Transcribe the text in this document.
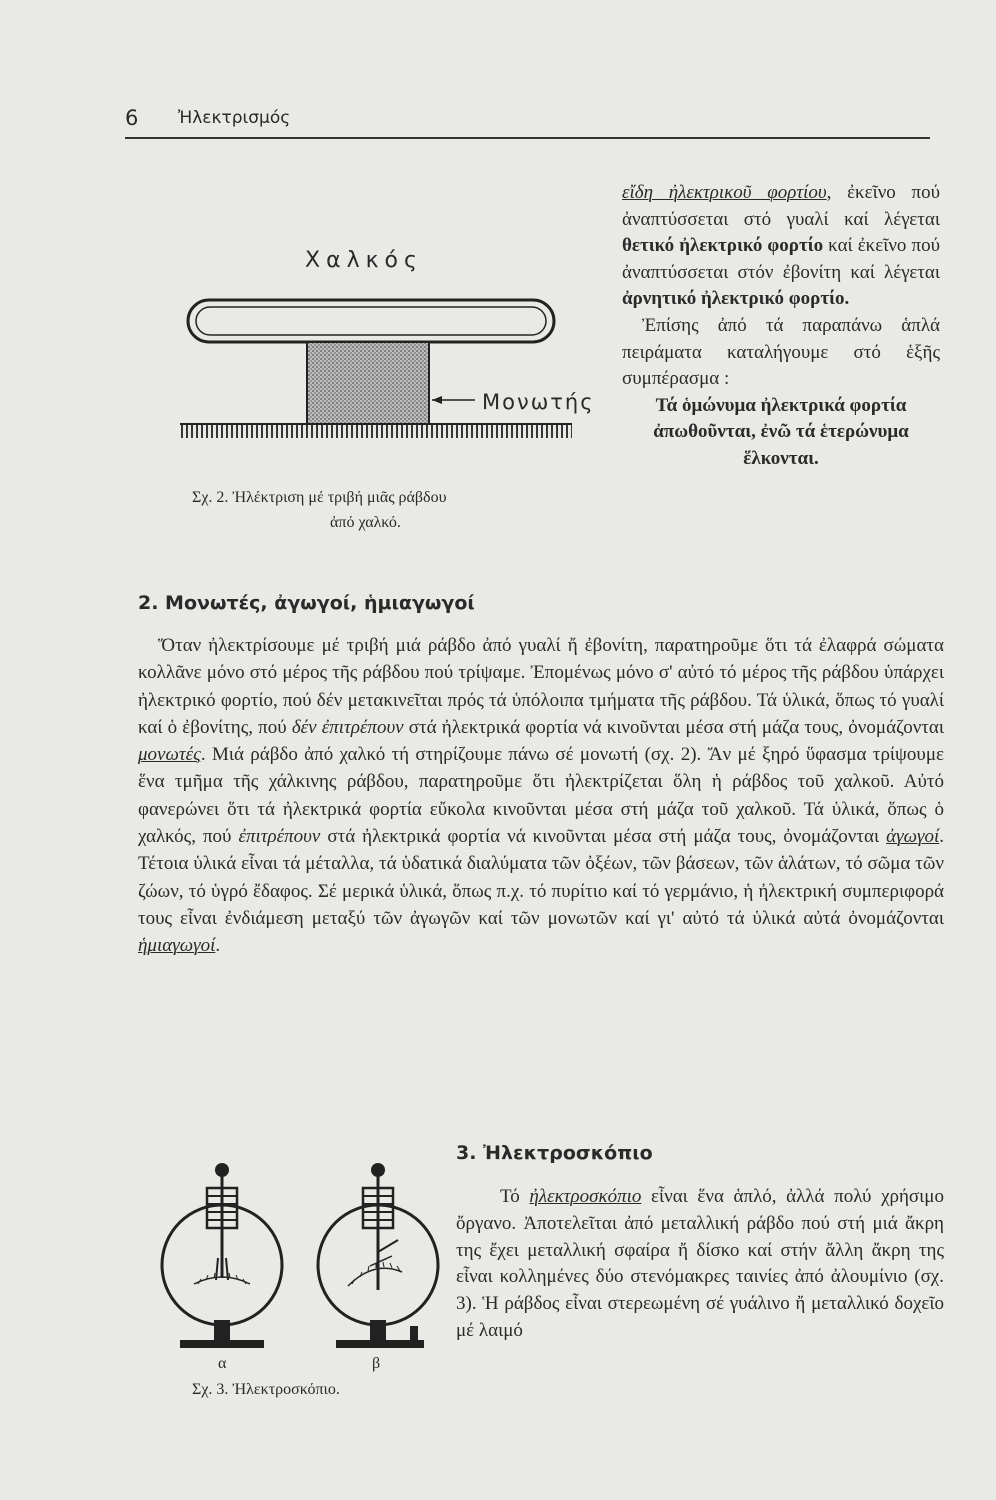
6 Ἠλεκτρισμός

εἴδη ἠλεκτρικοῦ φορτίου, ἐκεῖνο πού ἀναπτύσσεται στό γυαλί καί λέγεται θετικό ἠλεκτρικό φορτίο καί ἐκεῖνο πού ἀναπτύσσεται στόν ἐβονίτη καί λέγεται ἀρνητικό ἠλεκτρικό φορτίο.

Ἐπίσης ἀπό τά παραπάνω ἁπλά πειράματα καταλήγουμε στό ἑξῆς συμπέρασμα :

Τά ὁμώνυμα ἠλεκτρικά φορτία ἀπωθοῦνται, ἐνῶ τά ἑτερώνυμα ἕλκονται.

Χαλκός
Μονωτής
Σχ. 2. Ἠλέκτριση μέ τριβή μιᾶς ράβδου
ἀπό χαλκό.
2. Μονωτές, ἀγωγοί, ἡμιαγωγοί

Ὅταν ἠλεκτρίσουμε μέ τριβή μιά ράβδο ἀπό γυαλί ἤ ἐβονίτη, παρατηροῦμε ὅτι τά ἐλαφρά σώματα κολλᾶνε μόνο στό μέρος τῆς ράβδου πού τρίψαμε. Ἐπομένως μόνο σ' αὐτό τό μέρος τῆς ράβδου ὑπάρχει ἠλεκτρικό φορτίο, πού δέν μετακινεῖται πρός τά ὑπόλοιπα τμήματα τῆς ράβδου. Τά ὑλικά, ὅπως τό γυαλί καί ὁ ἐβονίτης, πού δέν ἐπιτρέπουν στά ἠλεκτρικά φορτία νά κινοῦνται μέσα στή μάζα τους, ὀνομάζονται μονωτές. Μιά ράβδο ἀπό χαλκό τή στηρίζουμε πάνω σέ μονωτή (σχ. 2). Ἄν μέ ξηρό ὕφασμα τρίψουμε ἕνα τμῆμα τῆς χάλκινης ράβδου, παρατηροῦμε ὅτι ἠλεκτρίζεται ὅλη ἡ ράβδος τοῦ χαλκοῦ. Αὐτό φανερώνει ὅτι τά ἠλεκτρικά φορτία εὔκολα κινοῦνται μέσα στή μάζα τοῦ χαλκοῦ. Τά ὑλικά, ὅπως ὁ χαλκός, πού ἐπιτρέπουν στά ἠλεκτρικά φορτία νά κινοῦνται μέσα στή μάζα τους, ὀνομάζονται ἀγωγοί. Τέτοια ὑλικά εἶναι τά μέταλλα, τά ὑδατικά διαλύματα τῶν ὀξέων, τῶν βάσεων, τῶν ἁλάτων, τό σῶμα τῶν ζώων, τό ὑγρό ἔδαφος. Σέ μερικά ὑλικά, ὅπως π.χ. τό πυρίτιο καί τό γερμάνιο, ἡ ἠλεκτρική συμπεριφορά τους εἶναι ἐνδιάμεση μεταξύ τῶν ἀγωγῶν καί τῶν μονωτῶν καί γι' αὐτό τά ὑλικά αὐτά ὀνομάζονται ἡμιαγωγοί.

α	β
Σχ. 3. Ἠλεκτροσκόπιο.
3. Ἠλεκτροσκόπιο

Τό ἠλεκτροσκόπιο εἶναι ἕνα ἁπλό, ἀλλά πολύ χρήσιμο ὄργανο. Ἀποτελεῖται ἀπό μεταλλική ράβδο πού στή μιά ἄκρη της ἔχει μεταλλική σφαίρα ἤ δίσκο καί στήν ἄλλη ἄκρη της εἶναι κολλημένες δύο στενόμακρες ταινίες ἀπό ἀλουμίνιο (σχ. 3). Ἡ ράβδος εἶναι στερεωμένη σέ γυάλινο ἤ μεταλλικό δοχεῖο μέ λαιμό
